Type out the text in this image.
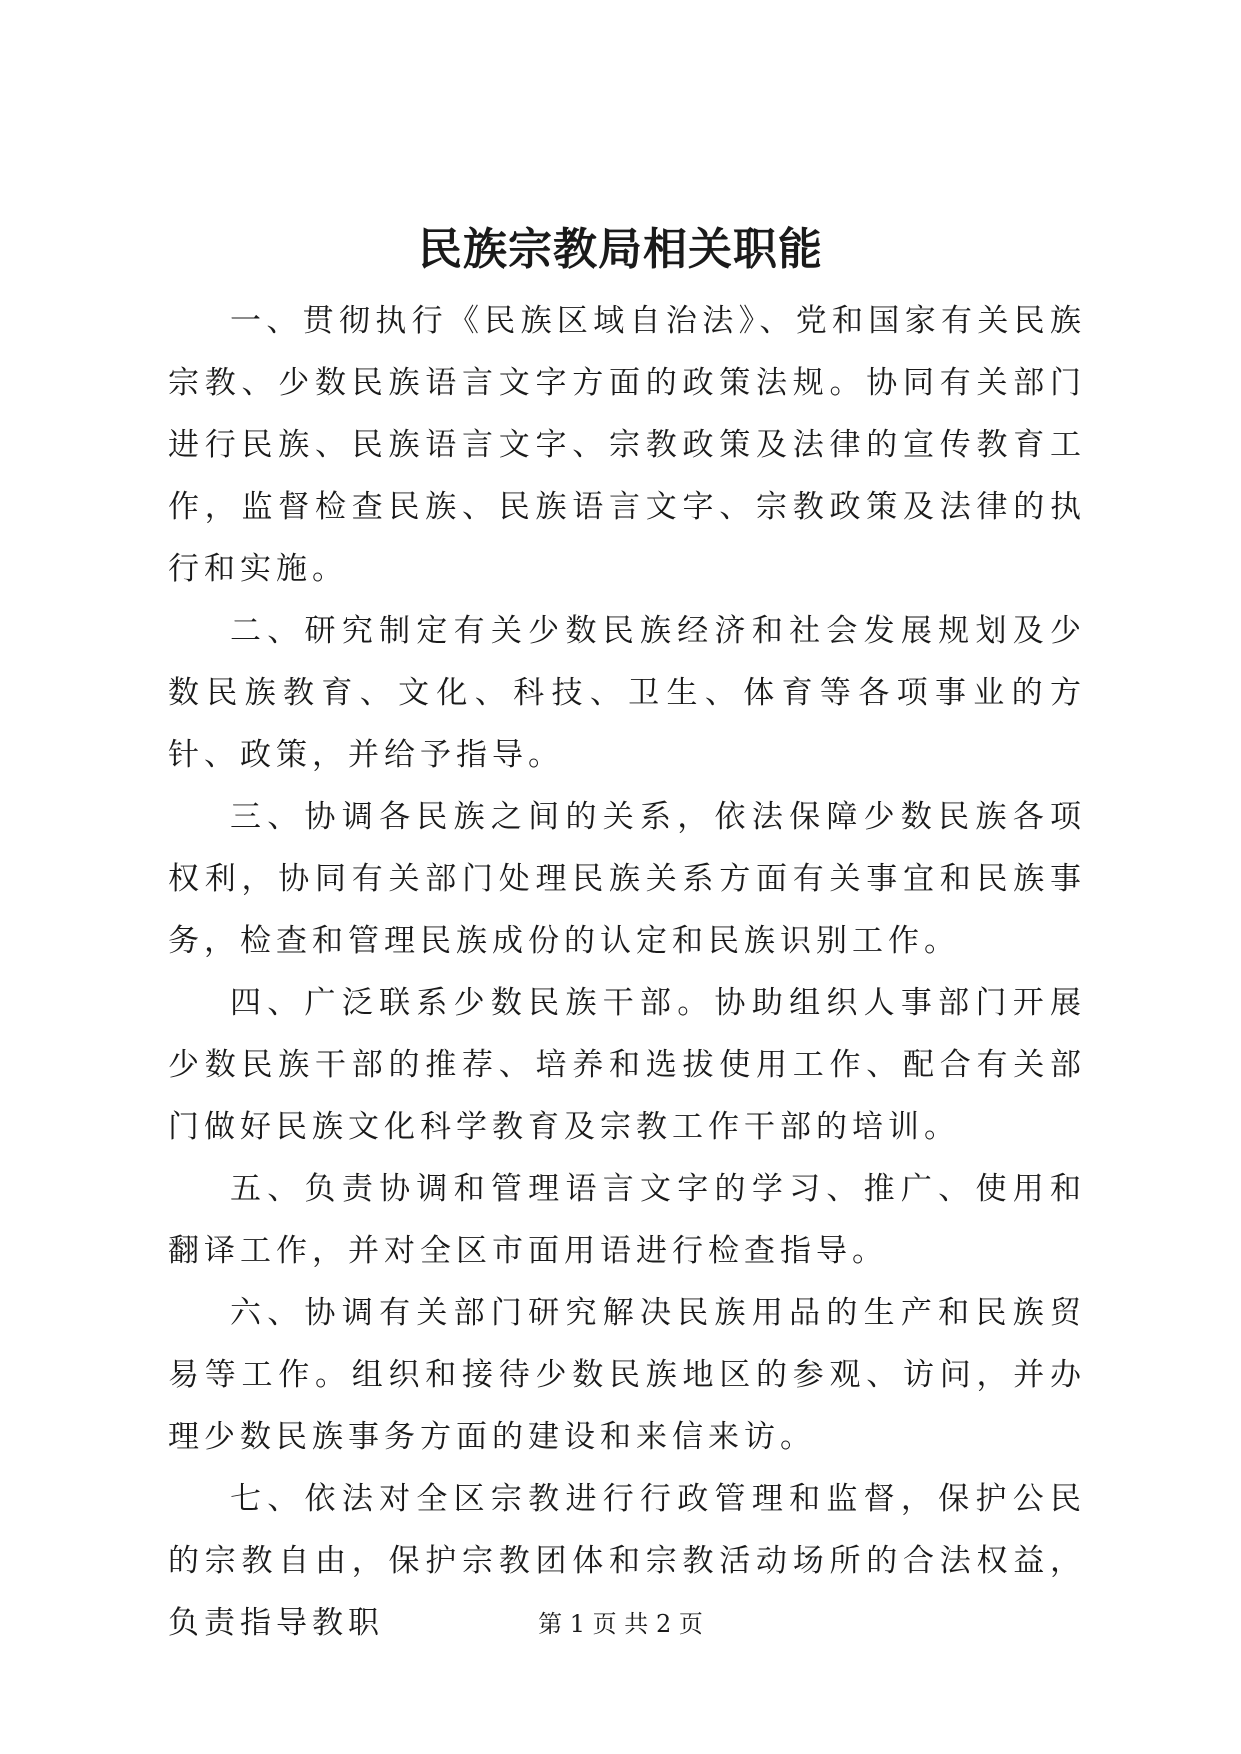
民族宗教局相关职能

一、贯彻执行《民族区域自治法》、党和国家有关民族宗教、少数民族语言文字方面的政策法规。协同有关部门进行民族、民族语言文字、宗教政策及法律的宣传教育工作，监督检查民族、民族语言文字、宗教政策及法律的执行和实施。

二、研究制定有关少数民族经济和社会发展规划及少数民族教育、文化、科技、卫生、体育等各项事业的方针、政策，并给予指导。

三、协调各民族之间的关系，依法保障少数民族各项权利，协同有关部门处理民族关系方面有关事宜和民族事务，检查和管理民族成份的认定和民族识别工作。

四、广泛联系少数民族干部。协助组织人事部门开展少数民族干部的推荐、培养和选拔使用工作、配合有关部门做好民族文化科学教育及宗教工作干部的培训。

五、负责协调和管理语言文字的学习、推广、使用和翻译工作，并对全区市面用语进行检查指导。

六、协调有关部门研究解决民族用品的生产和民族贸易等工作。组织和接待少数民族地区的参观、访问，并办理少数民族事务方面的建设和来信来访。

七、依法对全区宗教进行行政管理和监督，保护公民的宗教自由，保护宗教团体和宗教活动场所的合法权益，负责指导教职	第 1 页 共 2 页
